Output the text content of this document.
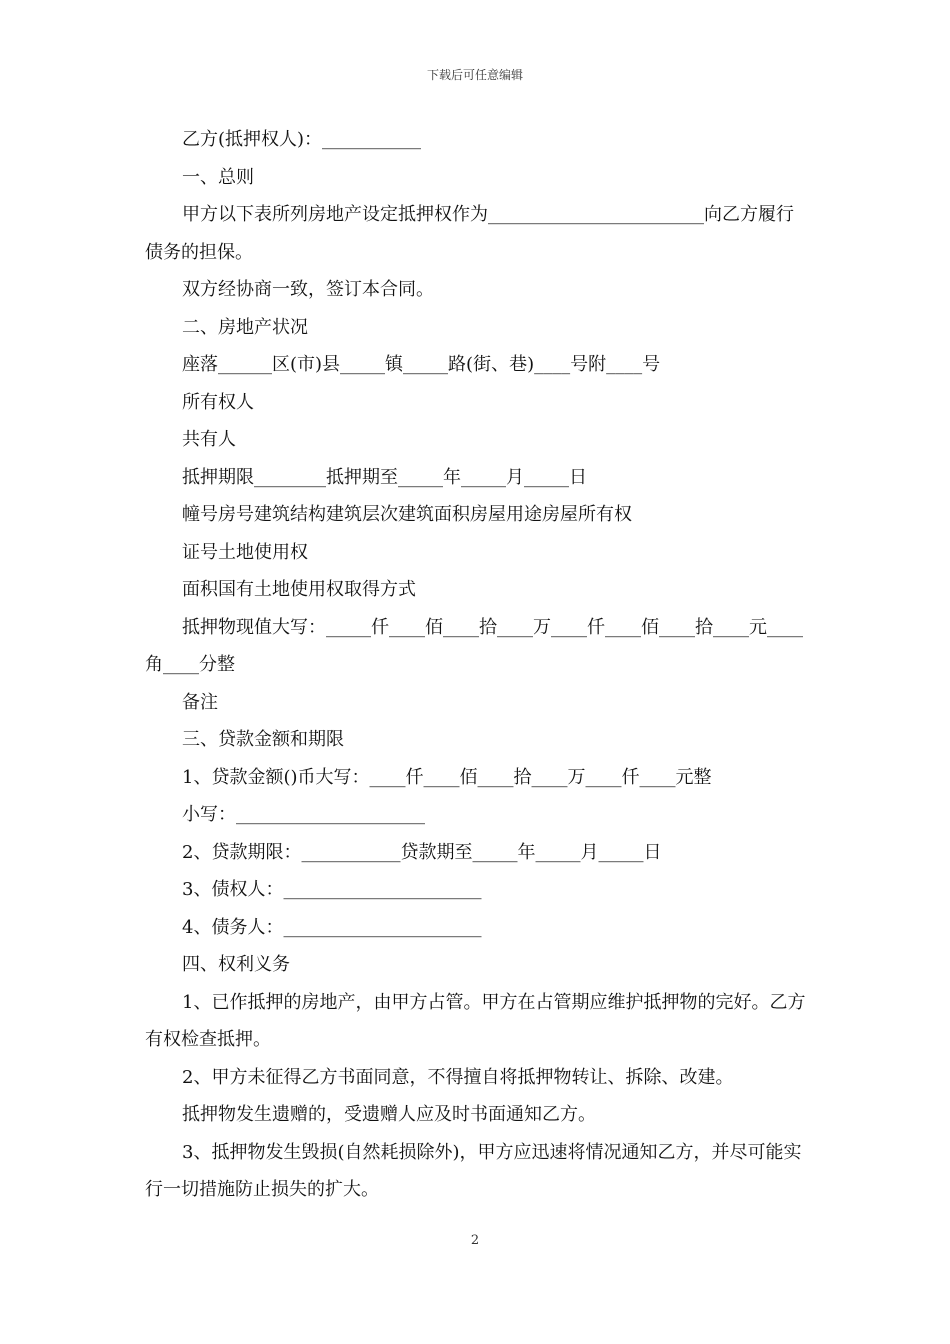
下载后可任意编辑

乙方(抵押权人)：___________

一、总则

甲方以下表所列房地产设定抵押权作为________________________向乙方履行债务的担保。

双方经协商一致，签订本合同。

二、房地产状况

座落______区(市)县_____镇_____路(街、巷)____号附____号

所有权人

共有人

抵押期限________抵押期至_____年_____月_____日

幢号房号建筑结构建筑层次建筑面积房屋用途房屋所有权

证号土地使用权

面积国有土地使用权取得方式

抵押物现值大写：_____仟____佰____拾____万____仟____佰____拾____元____角____分整

备注

三、贷款金额和期限

1、贷款金额()币大写：____仟____佰____拾____万____仟____元整

小写：_____________________

2、贷款期限：___________贷款期至_____年_____月_____日

3、债权人：______________________

4、债务人：______________________

四、权利义务

1、已作抵押的房地产，由甲方占管。甲方在占管期应维护抵押物的完好。乙方有权检查抵押。

2、甲方未征得乙方书面同意，不得擅自将抵押物转让、拆除、改建。

抵押物发生遗赠的，受遗赠人应及时书面通知乙方。

3、抵押物发生毁损(自然耗损除外)，甲方应迅速将情况通知乙方，并尽可能实行一切措施防止损失的扩大。

2
